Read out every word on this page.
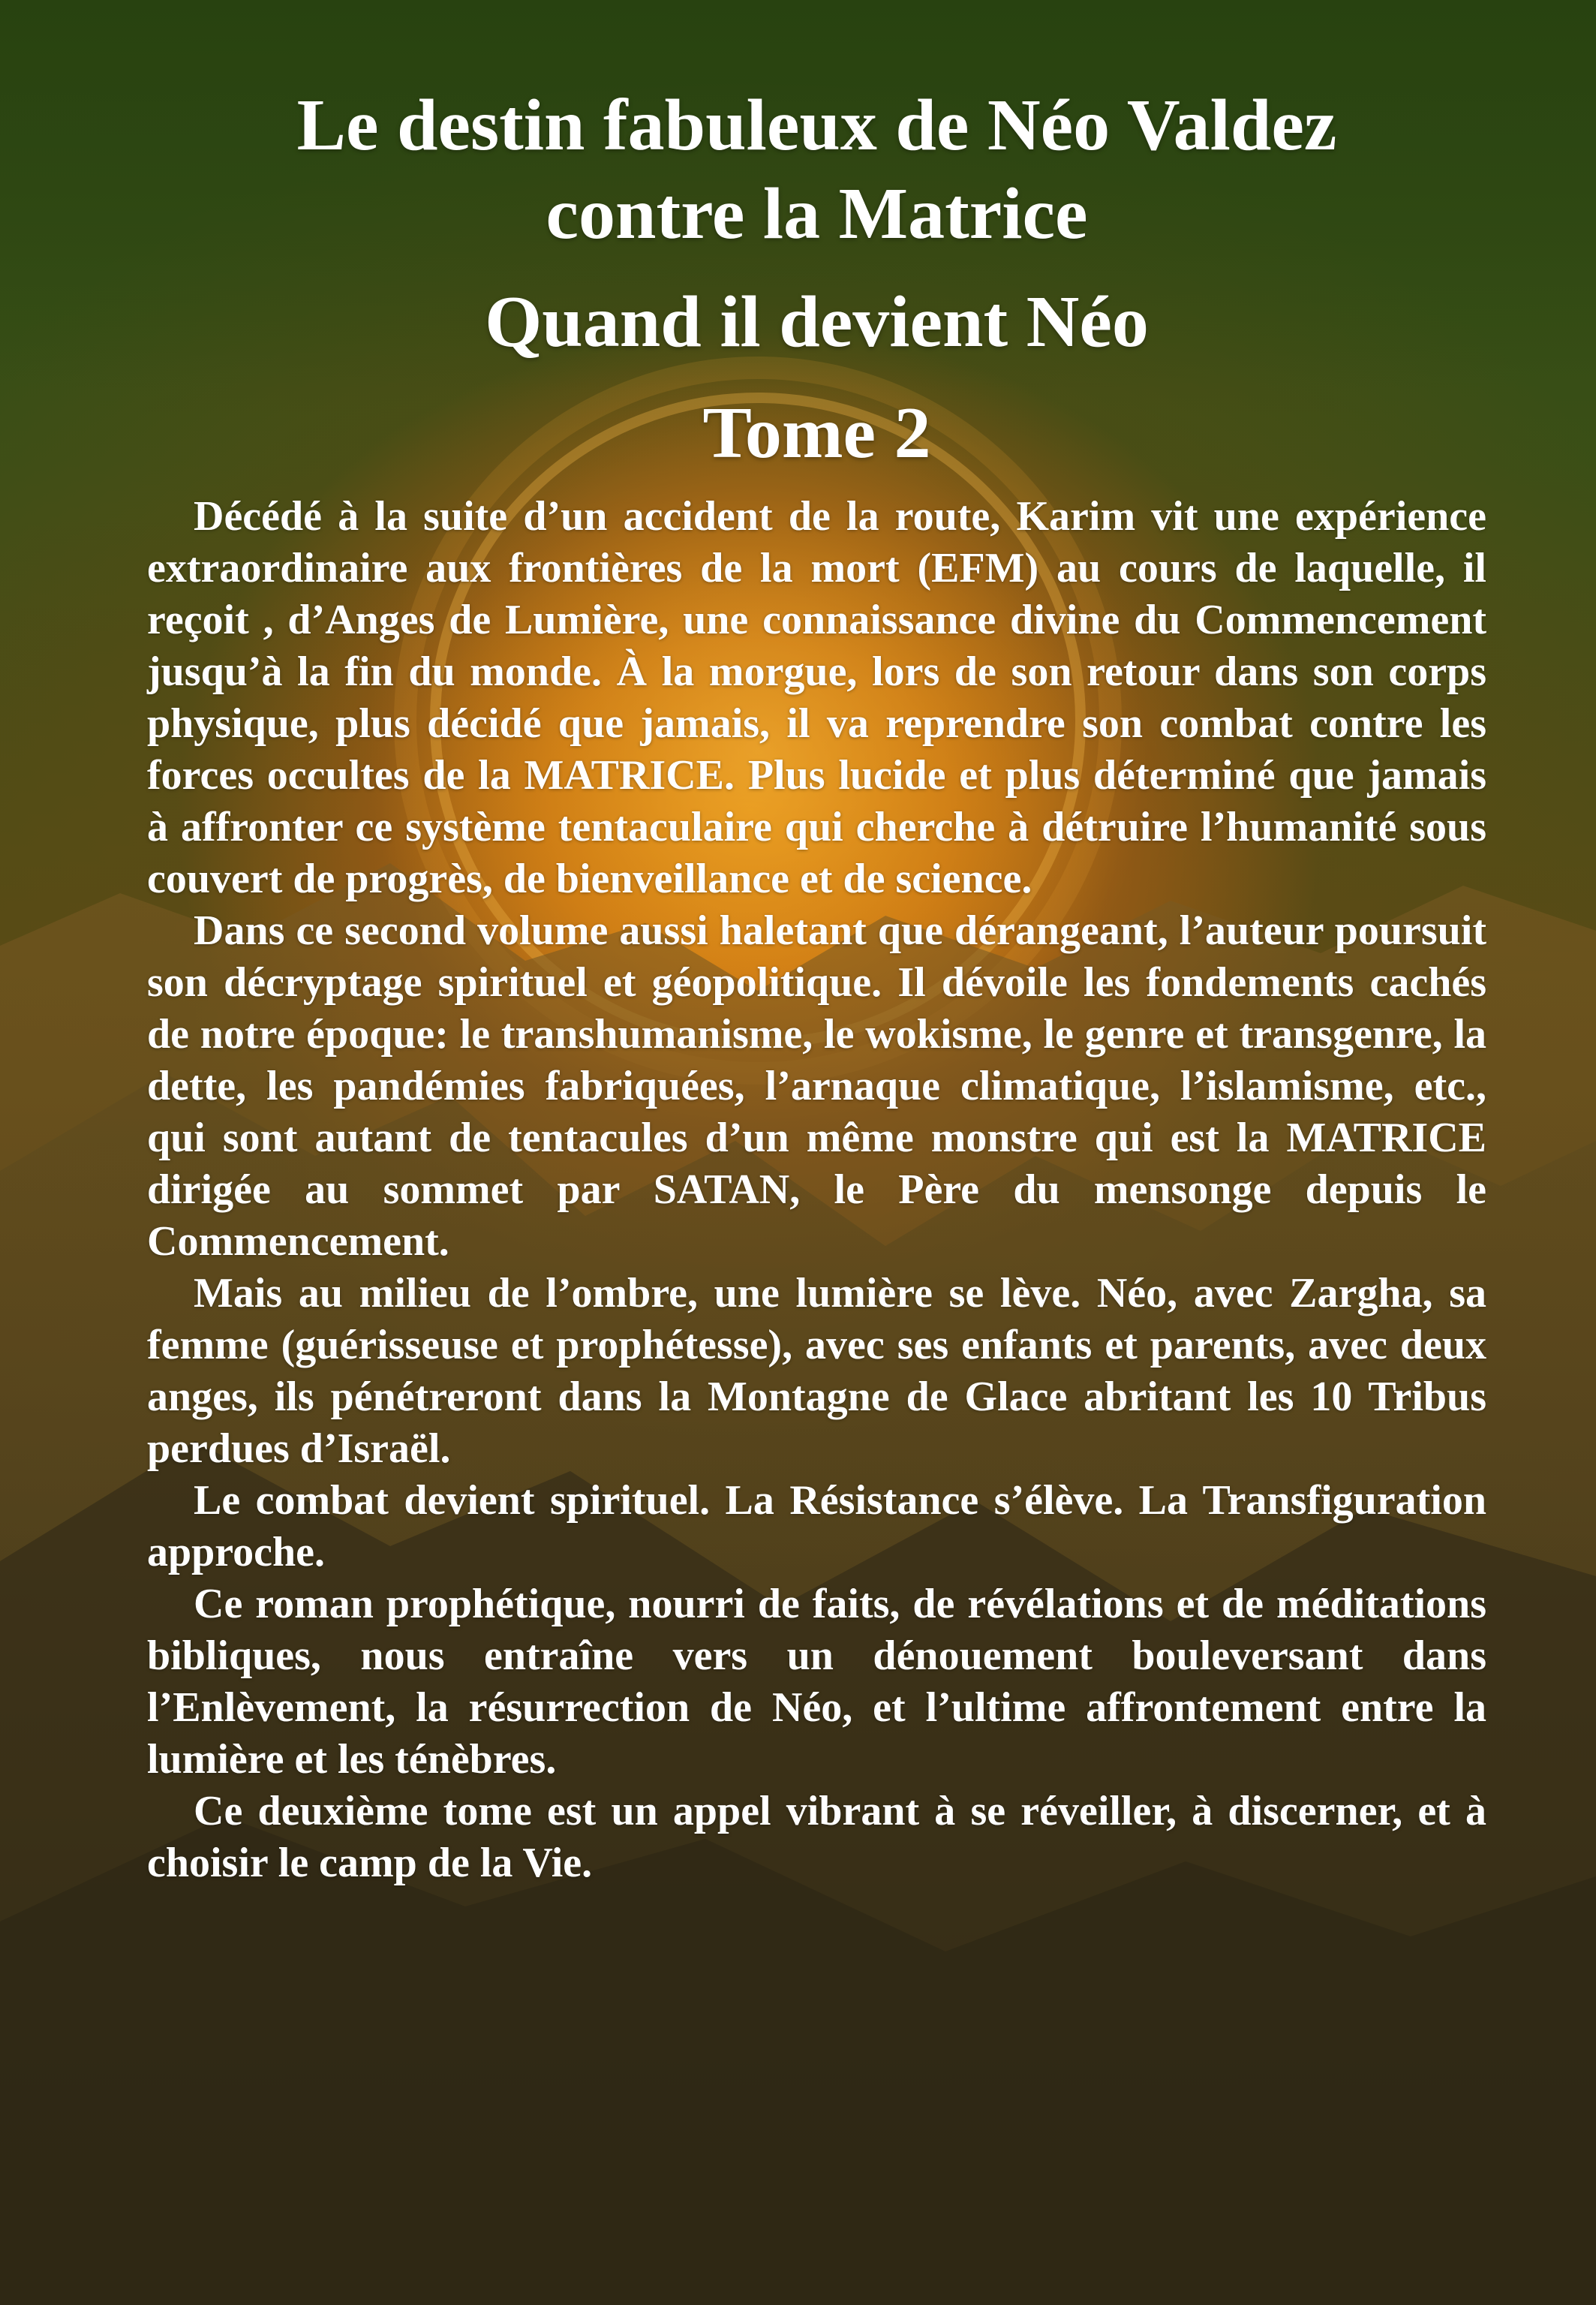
Le destin fabuleux de Néo Valdez
contre la Matrice
Quand il devient Néo
Tome 2

Décédé à la suite d’un accident de la route, Karim vit une expérience extraordinaire aux frontières de la mort (EFM) au cours de laquelle, il reçoit , d’Anges de Lumière, une connaissance divine du Commencement jusqu’à la fin du monde. À la morgue, lors de son retour dans son corps physique, plus décidé que jamais, il va reprendre son combat contre les forces occultes de la MATRICE. Plus lucide et plus déterminé que jamais à affronter ce système tentaculaire qui cherche à détruire l’humanité sous couvert de progrès, de bienveillance et de science.

Dans ce second volume aussi haletant que dérangeant, l’auteur poursuit son décryptage spirituel et géopolitique. Il dévoile les fondements cachés de notre époque: le transhumanisme, le wokisme, le genre et transgenre, la dette, les pandémies fabriquées, l’arnaque climatique, l’islamisme, etc., qui sont autant de tentacules d’un même monstre qui est la MATRICE dirigée au sommet par SATAN, le Père du mensonge depuis le Commencement.

Mais au milieu de l’ombre, une lumière se lève. Néo, avec Zargha, sa femme (guérisseuse et prophétesse), avec ses enfants et parents, avec deux anges, ils pénétreront dans la Montagne de Glace abritant les 10 Tribus perdues d’Israël.

Le combat devient spirituel. La Résistance s’élève. La Transfiguration approche.

Ce roman prophétique, nourri de faits, de révélations et de méditations bibliques, nous entraîne vers un dénouement bouleversant dans l’Enlèvement, la résurrection de Néo, et l’ultime affrontement entre la lumière et les ténèbres.

Ce deuxième tome est un appel vibrant à se réveiller, à discerner, et à choisir le camp de la Vie.
